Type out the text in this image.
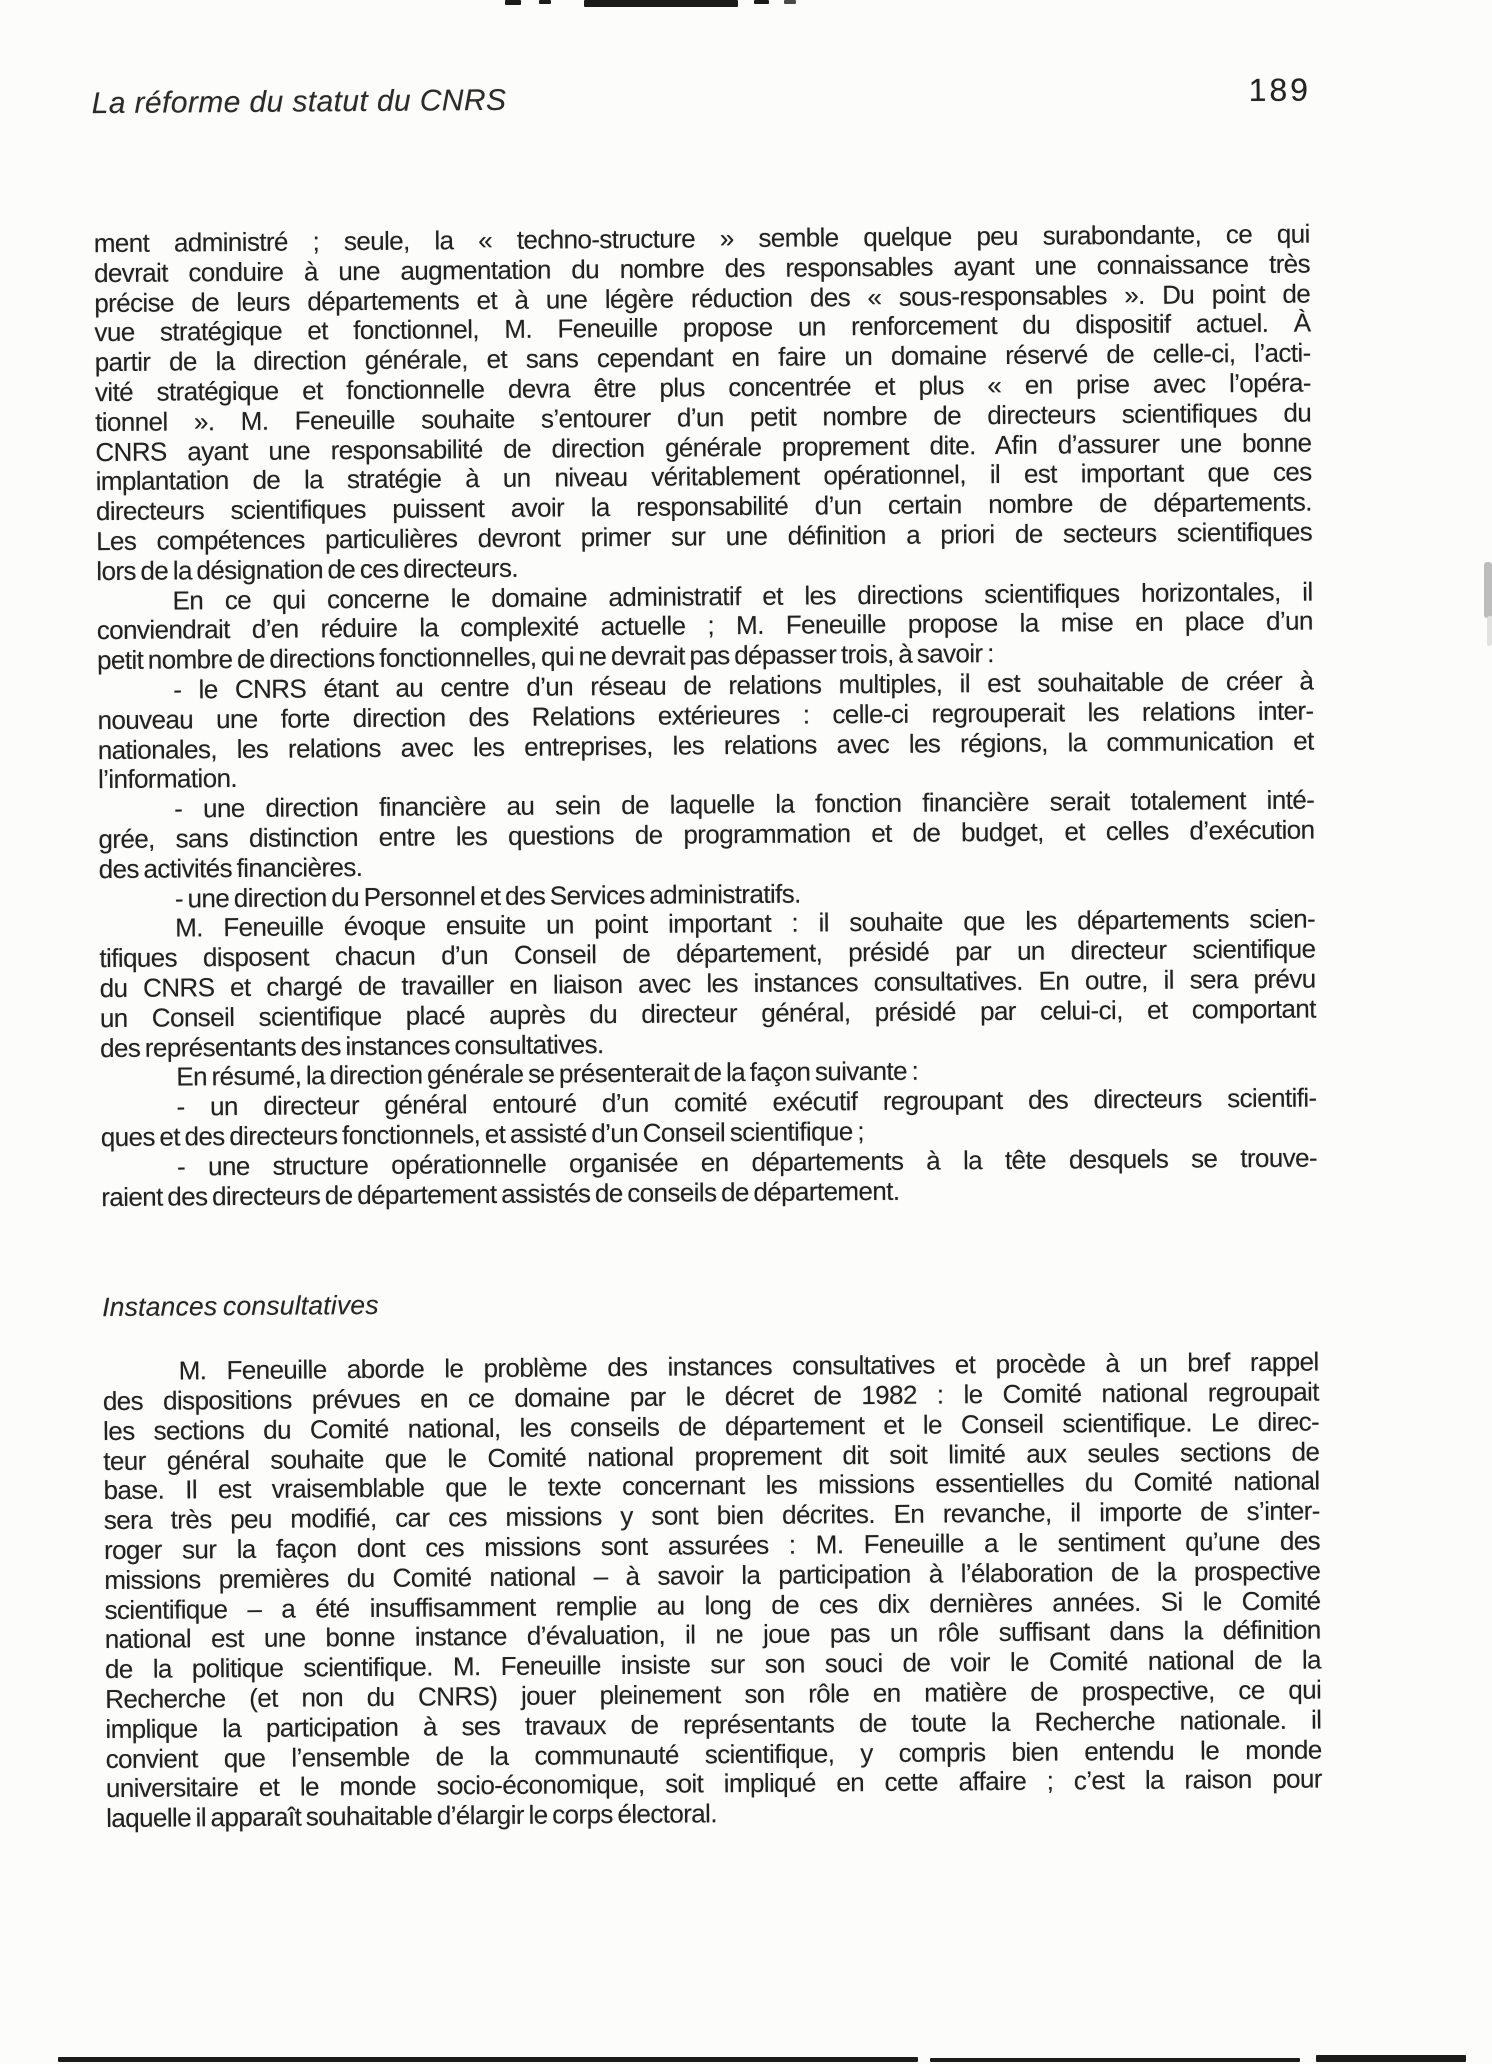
La réforme du statut du CNRS	189
ment administré ; seule, la « techno-structure » semble quelque peu surabondante, ce qui
devrait conduire à une augmentation du nombre des responsables ayant une connaissance très
précise de leurs départements et à une légère réduction des « sous-responsables ». Du point de
vue stratégique et fonctionnel, M. Feneuille propose un renforcement du dispositif actuel. À
partir de la direction générale, et sans cependant en faire un domaine réservé de celle-ci, l’acti-
vité stratégique et fonctionnelle devra être plus concentrée et plus « en prise avec l’opéra-
tionnel ». M. Feneuille souhaite s’entourer d’un petit nombre de directeurs scientifiques du
CNRS ayant une responsabilité de direction générale proprement dite. Afin d’assurer une bonne
implantation de la stratégie à un niveau véritablement opérationnel, il est important que ces
directeurs scientifiques puissent avoir la responsabilité d’un certain nombre de départements.
Les compétences particulières devront primer sur une définition a priori de secteurs scientifiques
lors de la désignation de ces directeurs.
En ce qui concerne le domaine administratif et les directions scientifiques horizontales, il
conviendrait d’en réduire la complexité actuelle ; M. Feneuille propose la mise en place d’un
petit nombre de directions fonctionnelles, qui ne devrait pas dépasser trois, à savoir :
- le CNRS étant au centre d’un réseau de relations multiples, il est souhaitable de créer à
nouveau une forte direction des Relations extérieures : celle-ci regrouperait les relations inter-
nationales, les relations avec les entreprises, les relations avec les régions, la communication et
l’information.
- une direction financière au sein de laquelle la fonction financière serait totalement inté-
grée, sans distinction entre les questions de programmation et de budget, et celles d’exécution
des activités financières.
- une direction du Personnel et des Services administratifs.
M. Feneuille évoque ensuite un point important : il souhaite que les départements scien-
tifiques disposent chacun d’un Conseil de département, présidé par un directeur scientifique
du CNRS et chargé de travailler en liaison avec les instances consultatives. En outre, il sera prévu
un Conseil scientifique placé auprès du directeur général, présidé par celui-ci, et comportant
des représentants des instances consultatives.
En résumé, la direction générale se présenterait de la façon suivante :
- un directeur général entouré d’un comité exécutif regroupant des directeurs scientifi-
ques et des directeurs fonctionnels, et assisté d’un Conseil scientifique ;
- une structure opérationnelle organisée en départements à la tête desquels se trouve-
raient des directeurs de département assistés de conseils de département.
Instances consultatives
M. Feneuille aborde le problème des instances consultatives et procède à un bref rappel
des dispositions prévues en ce domaine par le décret de 1982 : le Comité national regroupait
les sections du Comité national, les conseils de département et le Conseil scientifique. Le direc-
teur général souhaite que le Comité national proprement dit soit limité aux seules sections de
base. Il est vraisemblable que le texte concernant les missions essentielles du Comité national
sera très peu modifié, car ces missions y sont bien décrites. En revanche, il importe de s’inter-
roger sur la façon dont ces missions sont assurées : M. Feneuille a le sentiment qu’une des
missions premières du Comité national – à savoir la participation à l’élaboration de la prospective
scientifique – a été insuffisamment remplie au long de ces dix dernières années. Si le Comité
national est une bonne instance d’évaluation, il ne joue pas un rôle suffisant dans la définition
de la politique scientifique. M. Feneuille insiste sur son souci de voir le Comité national de la
Recherche (et non du CNRS) jouer pleinement son rôle en matière de prospective, ce qui
implique la participation à ses travaux de représentants de toute la Recherche nationale. il
convient que l’ensemble de la communauté scientifique, y compris bien entendu le monde
universitaire et le monde socio-économique, soit impliqué en cette affaire ; c’est la raison pour
laquelle il apparaît souhaitable d’élargir le corps électoral.
